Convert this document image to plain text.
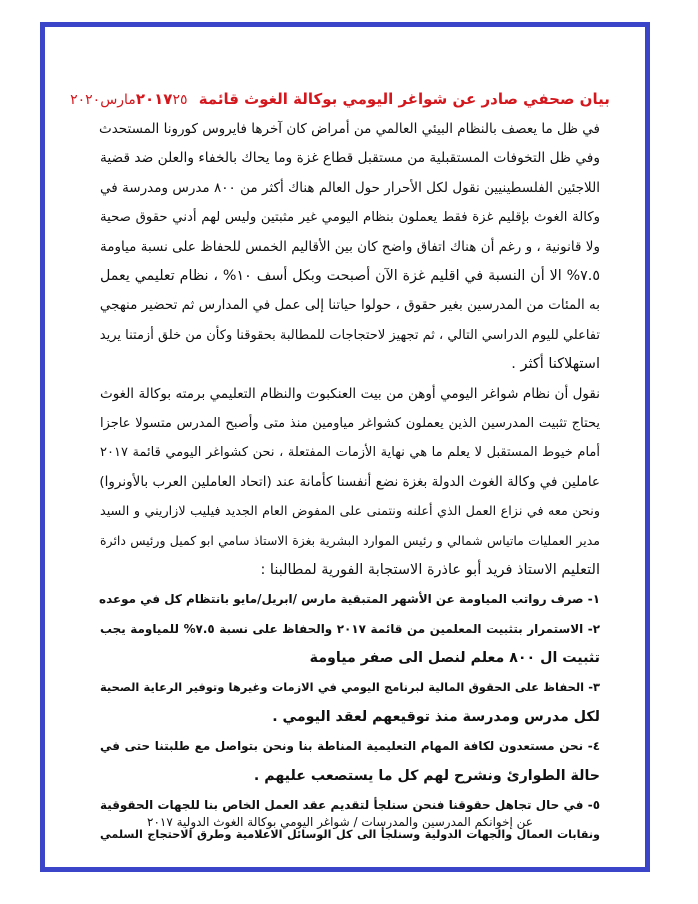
بيان صحفي صادر عن شواغر اليومي بوكالة الغوث قائمة ٢٠١٧٢٥مارس٢٠٢٠
في ظل ما يعصف بالنظام البيئي العالمي من أمراض كان آخرها فايروس كورونا المستحدث
وفي ظل التخوفات المستقبلية من مستقبل قطاع غزة وما يحاك بالخفاء والعلن ضد قضية
اللاجئين الفلسطينيين نقول لكل الأحرار حول العالم هناك أكثر من ٨٠٠ مدرس ومدرسة في
وكالة الغوث بإقليم غزة فقط يعملون بنظام اليومي غير مثبتين وليس لهم أدني حقوق صحية
ولا قانونية ، و رغم أن هناك اتفاق واضح كان بين الأقاليم الخمس للحفاظ على نسبة مياومة
٧.٥% الا أن النسبة في اقليم غزة الآن أصبحت وبكل أسف ١٠% ، نظام تعليمي يعمل
به المئات من المدرسين بغير حقوق ، حولوا حياتنا إلى عمل في المدارس ثم تحضير منهجي
تفاعلي لليوم الدراسي التالي ، ثم تجهيز لاحتجاجات للمطالبة بحقوقنا وكأن من خلق أزمتنا يريد
استهلاكنا أكثر .
نقول أن نظام شواغر اليومي أوهن من بيت العنكبوت والنظام التعليمي برمته بوكالة الغوث
يحتاج تثبيت المدرسين الذين يعملون كشواغر مياومين منذ متى وأصبح المدرس متسولا عاجزا
أمام خيوط المستقبل لا يعلم ما هي نهاية الأزمات المفتعلة ، نحن كشواغر اليومي قائمة ٢٠١٧
عاملين في وكالة الغوث الدولة بغزة نضع أنفسنا كأمانة عند (اتحاد العاملين العرب بالأونروا)
ونحن معه في نزاع العمل الذي أعلنه ونتمنى على المفوض العام الجديد فيليب لازاريني و السيد
مدير العمليات ماتياس شمالي و رئيس الموارد البشرية بغزة الاستاذ سامي ابو كميل ورئيس دائرة
التعليم الاستاذ فريد أبو عاذرة الاستجابة الفورية لمطالبنا :
١- صرف رواتب المياومة عن الأشهر المتبقية مارس /ابريل/مايو بانتظام كل في موعده
٢- الاستمرار بتثبيت المعلمين من قائمة ٢٠١٧ والحفاظ على نسبة ٧.٥% للمياومة يجب
تثبيت ال ٨٠٠ معلم لنصل الى صفر مياومة
٣- الحفاظ على الحقوق المالية لبرنامج اليومي في الازمات وغيرها وتوفير الرعاية الصحية
لكل مدرس ومدرسة منذ توقيعهم لعقد اليومي .
٤- نحن مستعدون لكافة المهام التعليمية المناطة بنا ونحن بتواصل مع طلبتنا حتى في
حالة الطوارئ ونشرح لهم كل ما يستصعب عليهم .
٥- في حال تجاهل حقوقنا فنحن سنلجأ لتقديم عقد العمل الخاص بنا للجهات الحقوقية
ونقابات العمال والجهات الدولية وسنلجأ الى كل الوسائل الاعلامية وطرق الاحتجاج السلمي
عن إخوانكم المدرسين والمدرسات / شواغر اليومي بوكالة الغوث الدولية ٢٠١٧
